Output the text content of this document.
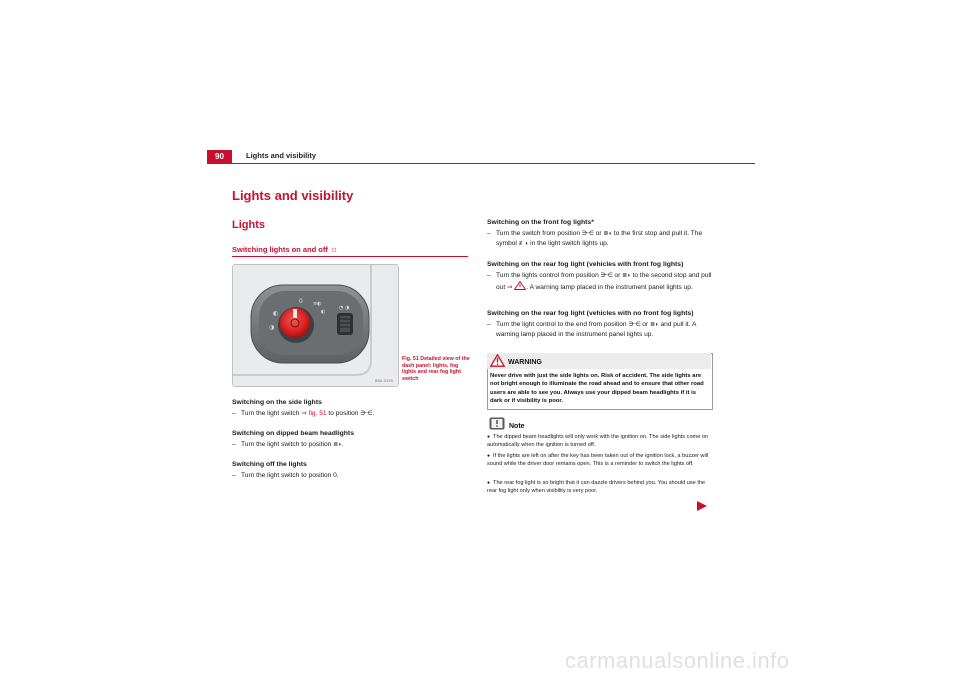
90	Lights and visibility
Lights and visibility
Lights
Switching lights on and off ☼
0
◐
◑
≡◐
◐
◔ ◑
B6U-0339
Fig. 51 Detailed view of the dash panel: lights, fog lights and rear fog light switch
Switching on the side lights
– Turn the light switch ⇒ fig. 51 to position ⋺⋲.
Switching on dipped beam headlights
– Turn the light switch to position ≣◗.
Switching off the lights
– Turn the light switch to position 0.
Switching on the front fog lights*
– Turn the switch from position ⋺⋲ or ≣◗ to the first stop and pull it. The symbol ≢◗ in the light switch lights up.
Switching on the rear fog light (vehicles with front fog lights)
– Turn the lights control from position ⋺⋲ or ≣◗ to the second stop and pull out ⇒ . A warning lamp placed in the instrument panel lights up.
Switching on the rear fog light (vehicles with no front fog lights)
– Turn the light control to the end from position ⋺⋲ or ≣◗ and pull it. A warning lamp placed in the instrument panel lights up.
WARNING
Never drive with just the side lights on. Risk of accident. The side lights are not bright enough to illuminate the road ahead and to ensure that other road users are able to see you. Always use your dipped beam headlights if it is dark or if visibility is poor.
Note
● The dipped beam headlights will only work with the ignition on. The side lights come on automatically when the ignition is turned off.
● If the lights are left on after the key has been taken out of the ignition lock, a buzzer will sound while the driver door remains open. This is a reminder to switch the lights off.
● The rear fog light is so bright that it can dazzle drivers behind you. You should use the rear fog light only when visibility is very poor.
carmanualsonline.info
